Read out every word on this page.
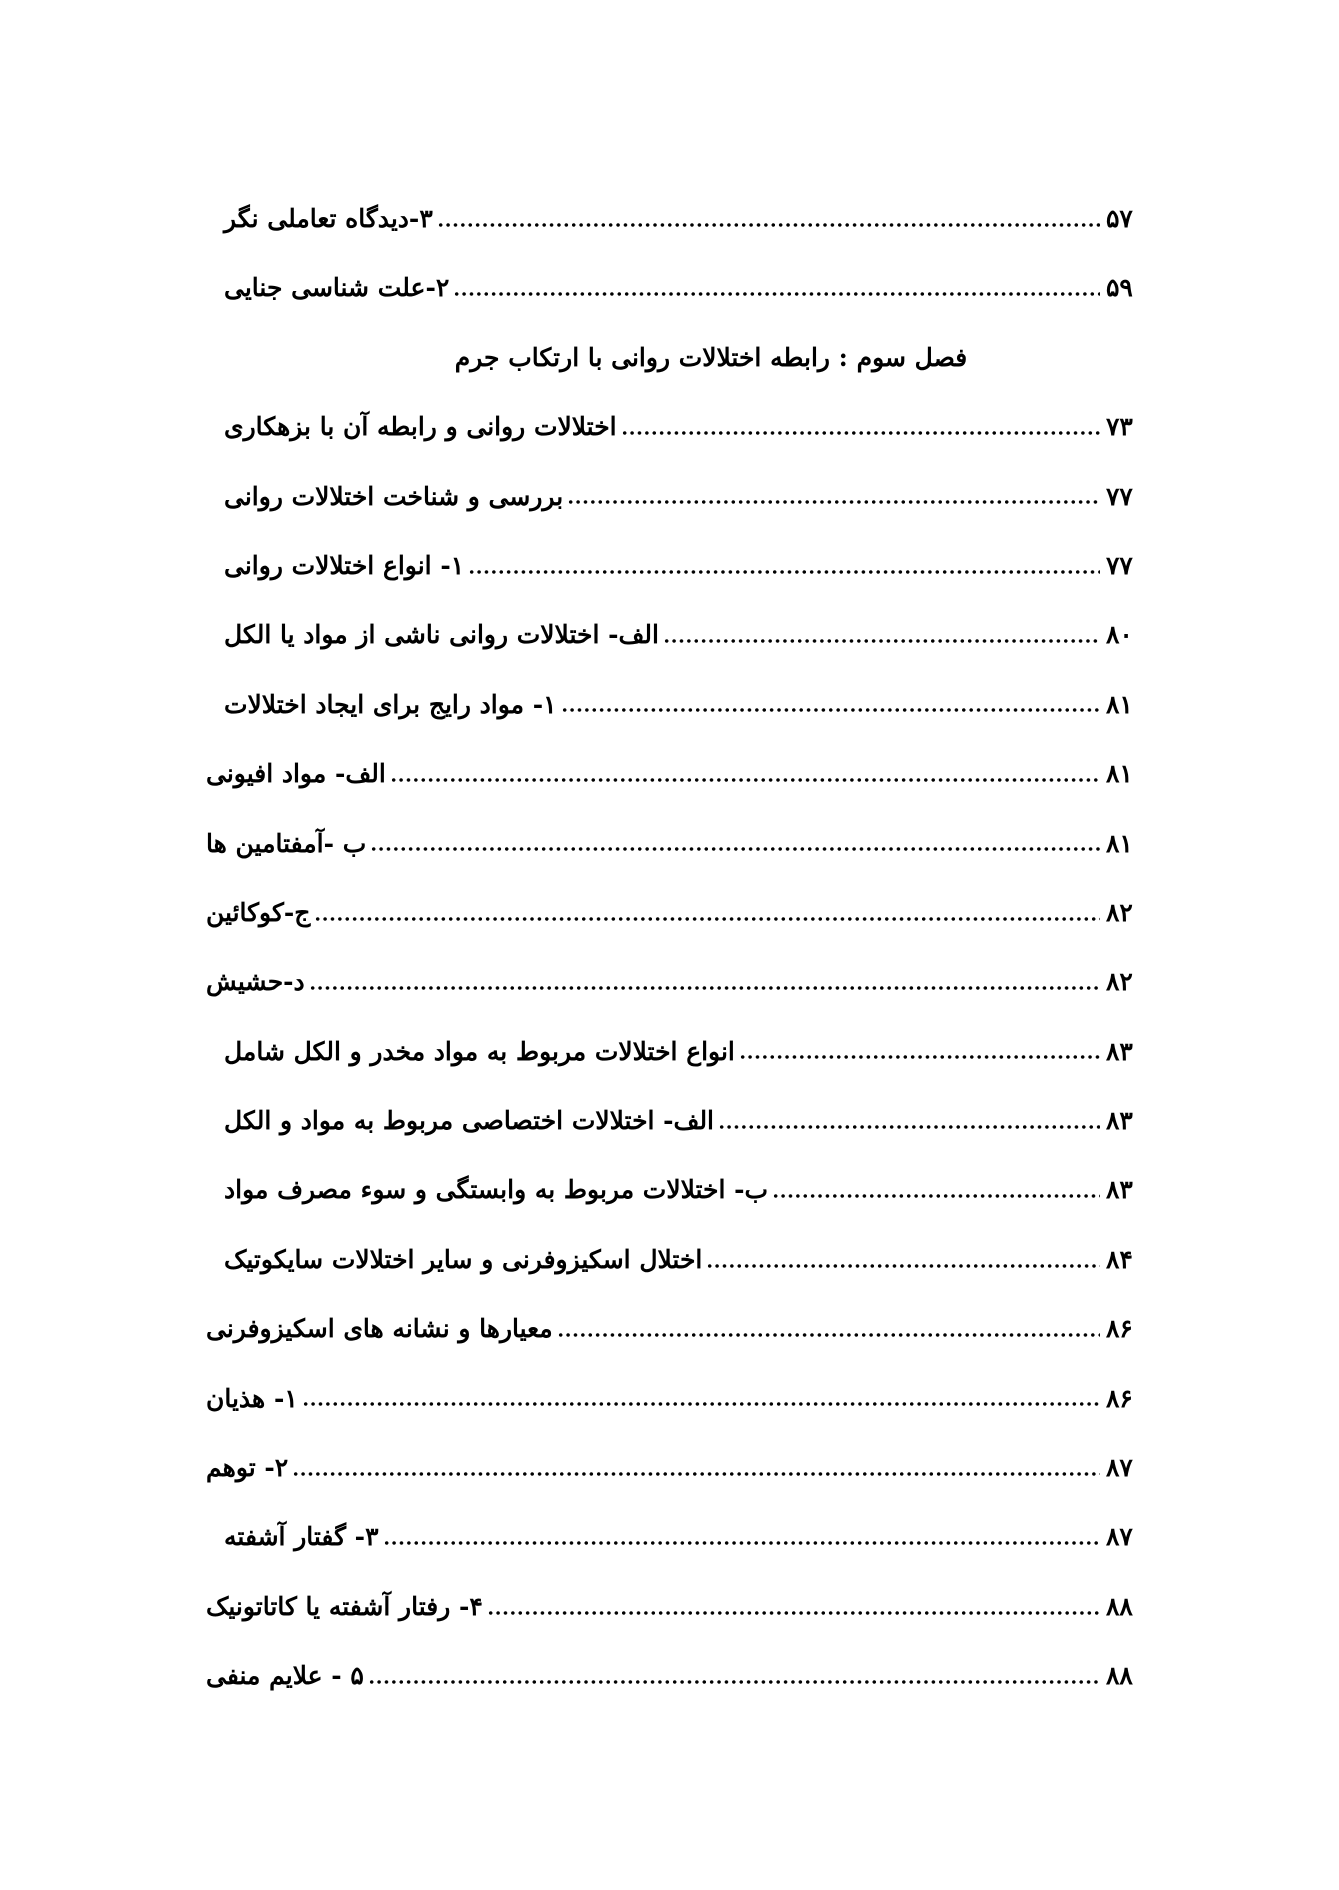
۳-دیدگاه تعاملی نگر	۵۷
۲-علت شناسی جنایی	۵۹
فصل سوم : رابطه اختلالات روانی با ارتکاب جرم
اختلالات روانی و رابطه آن با بزهکاری	۷۳
بررسی و شناخت اختلالات روانی	۷۷
۱- انواع اختلالات روانی	۷۷
الف- اختلالات روانی ناشی از مواد یا الکل	۸۰
۱- مواد رایج برای ایجاد اختلالات	۸۱
الف- مواد افیونی	۸۱
ب -آمفتامین ها	۸۱
ج-کوکائین	۸۲
د-حشیش	۸۲
انواع اختلالات مربوط به مواد مخدر و الکل شامل	۸۳
الف- اختلالات اختصاصی مربوط به مواد و الکل	۸۳
ب- اختلالات مربوط به وابستگی و سوء مصرف مواد	۸۳
اختلال اسکیزوفرنی و سایر اختلالات سایکوتیک	۸۴
معیارها و نشانه های اسکیزوفرنی	۸۶
۱- هذیان	۸۶
۲- توهم	۸۷
۳- گفتار آشفته	۸۷
۴- رفتار آشفته یا کاتاتونیک	۸۸
۵ - علایم منفی	۸۸
